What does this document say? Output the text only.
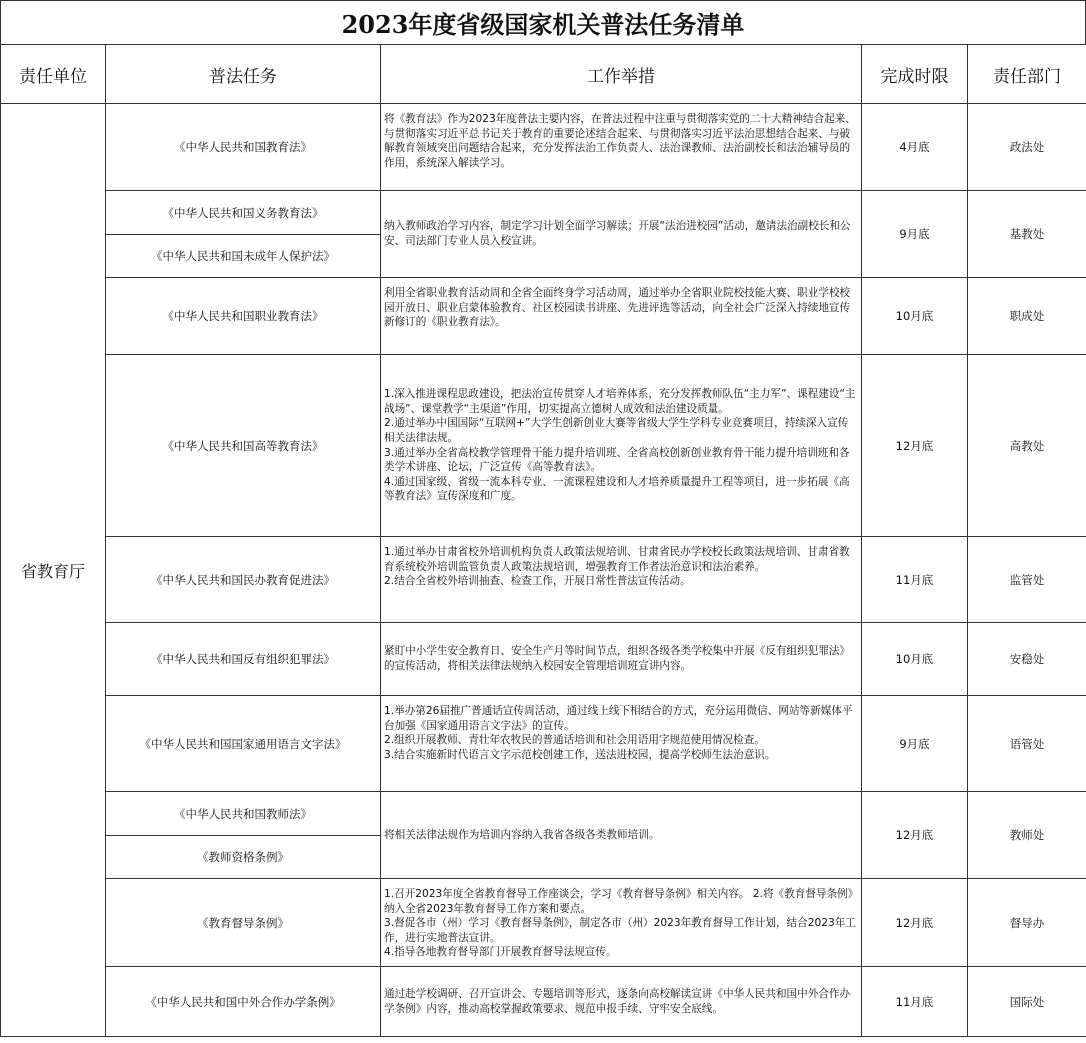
2023年度省级国家机关普法任务清单
责任单位	普法任务	工作举措	完成时限	责任部门
省教育厅	《中华人民共和国教育法》	将《教育法》作为2023年度普法主要内容，在普法过程中注重与贯彻落实党的二十大精神结合起来、与贯彻落实习近平总书记关于教育的重要论述结合起来、与贯彻落实习近平法治思想结合起来、与破解教育领域突出问题结合起来，充分发挥法治工作负责人、法治课教师、法治副校长和法治辅导员的作用，系统深入解读学习。	4月底	政法处
	《中华人民共和国义务教育法》	纳入教师政治学习内容，制定学习计划全面学习解读；开展“法治进校园”活动，邀请法治副校长和公安、司法部门专业人员入校宣讲。	9月底	基教处
	《中华人民共和国未成年人保护法》			
	《中华人民共和国职业教育法》	利用全省职业教育活动周和全省全面终身学习活动周，通过举办全省职业院校技能大赛、职业学校校园开放日、职业启蒙体验教育、社区校园读书讲座、先进评选等活动，向全社会广泛深入持续地宣传新修订的《职业教育法》。	10月底	职成处
	《中华人民共和国高等教育法》	1.深入推进课程思政建设，把法治宣传贯穿人才培养体系，充分发挥教师队伍“主力军”、课程建设“主战场”、课堂教学“主渠道”作用，切实提高立德树人成效和法治建设质量。
2.通过举办中国国际“互联网+”大学生创新创业大赛等省级大学生学科专业竞赛项目，持续深入宣传相关法律法规。
3.通过举办全省高校教学管理骨干能力提升培训班、全省高校创新创业教育骨干能力提升培训班和各类学术讲座、论坛，广泛宣传《高等教育法》。
4.通过国家级、省级一流本科专业、一流课程建设和人才培养质量提升工程等项目，进一步拓展《高等教育法》宣传深度和广度。	12月底	高教处
	《中华人民共和国民办教育促进法》	1.通过举办甘肃省校外培训机构负责人政策法规培训、甘肃省民办学校校长政策法规培训、甘肃省教育系统校外培训监管负责人政策法规培训，增强教育工作者法治意识和法治素养。
2.结合全省校外培训抽查、检查工作，开展日常性普法宣传活动。	11月底	监管处
	《中华人民共和国反有组织犯罪法》	紧盯中小学生安全教育日、安全生产月等时间节点，组织各级各类学校集中开展《反有组织犯罪法》的宣传活动，将相关法律法规纳入校园安全管理培训班宣讲内容。	10月底	安稳处
	《中华人民共和国国家通用语言文字法》	1.举办第26届推广普通话宣传周活动，通过线上线下相结合的方式，充分运用微信、网站等新媒体平台加强《国家通用语言文字法》的宣传。
2.组织开展教师、青壮年农牧民的普通话培训和社会用语用字规范使用情况检查。
3.结合实施新时代语言文字示范校创建工作，送法进校园，提高学校师生法治意识。	9月底	语管处
	《中华人民共和国教师法》	将相关法律法规作为培训内容纳入我省各级各类教师培训。	12月底	教师处
	《教师资格条例》			
	《教育督导条例》	1.召开2023年度全省教育督导工作座谈会，学习《教育督导条例》相关内容。 2.将《教育督导条例》纳入全省2023年教育督导工作方案和要点。
3.督促各市（州）学习《教育督导条例》，制定各市（州）2023年教育督导工作计划，结合2023年工作，进行实地普法宣讲。
4.指导各地教育督导部门开展教育督导法规宣传。	12月底	督导办
	《中华人民共和国中外合作办学条例》	通过赴学校调研、召开宣讲会、专题培训等形式，逐条向高校解读宣讲《中华人民共和国中外合作办学条例》内容，推动高校掌握政策要求、规范申报手续、守牢安全底线。	11月底	国际处
